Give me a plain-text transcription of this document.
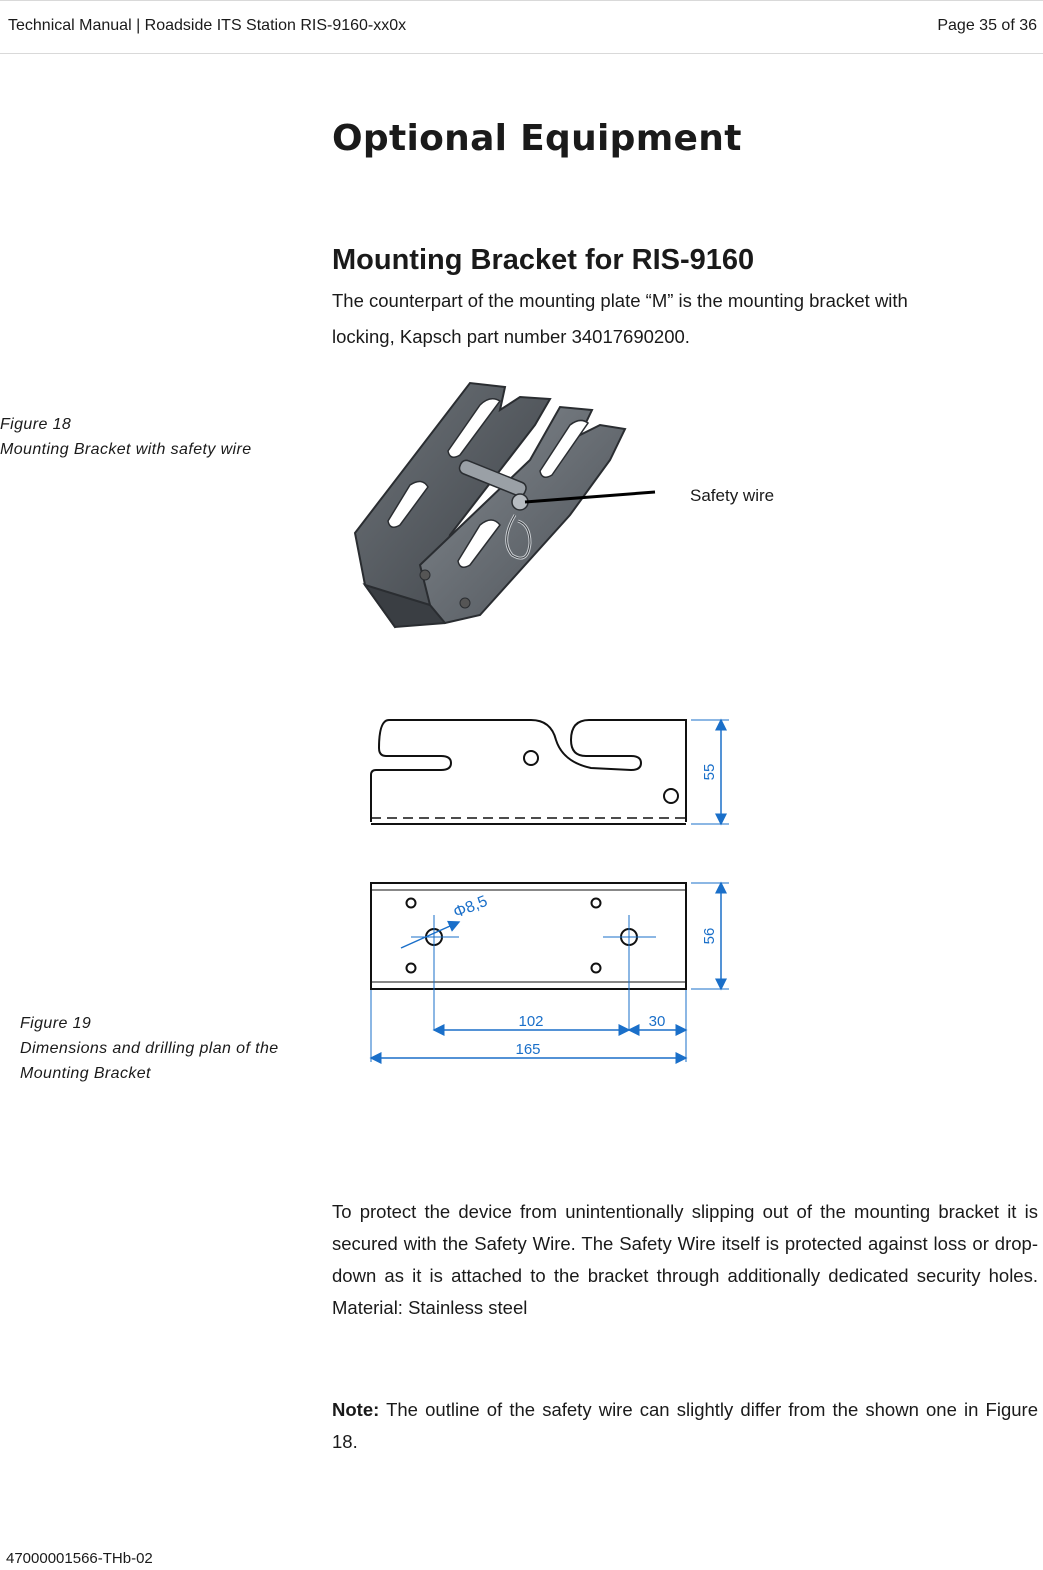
Technical Manual | Roadside ITS Station RIS-9160-xx0x	Page 35 of 36
Optional Equipment
Mounting Bracket for RIS-9160
The counterpart of the mounting plate “M” is the mounting bracket with
locking, Kapsch part number 34017690200.
Figure 18
Mounting Bracket with safety wire
Safety wire
Figure 19
Dimensions and drilling plan of the
Mounting Bracket
55
Φ8,5
56
102	30
165
To protect the device from unintentionally slipping out of the mounting bracket it is secured with the Safety Wire. The Safety Wire itself is protected against loss or drop-down as it is attached to the bracket through additionally dedicated security holes. Material: Stainless steel
Note: The outline of the safety wire can slightly differ from the shown one in Figure 18.
47000001566-THb-02
